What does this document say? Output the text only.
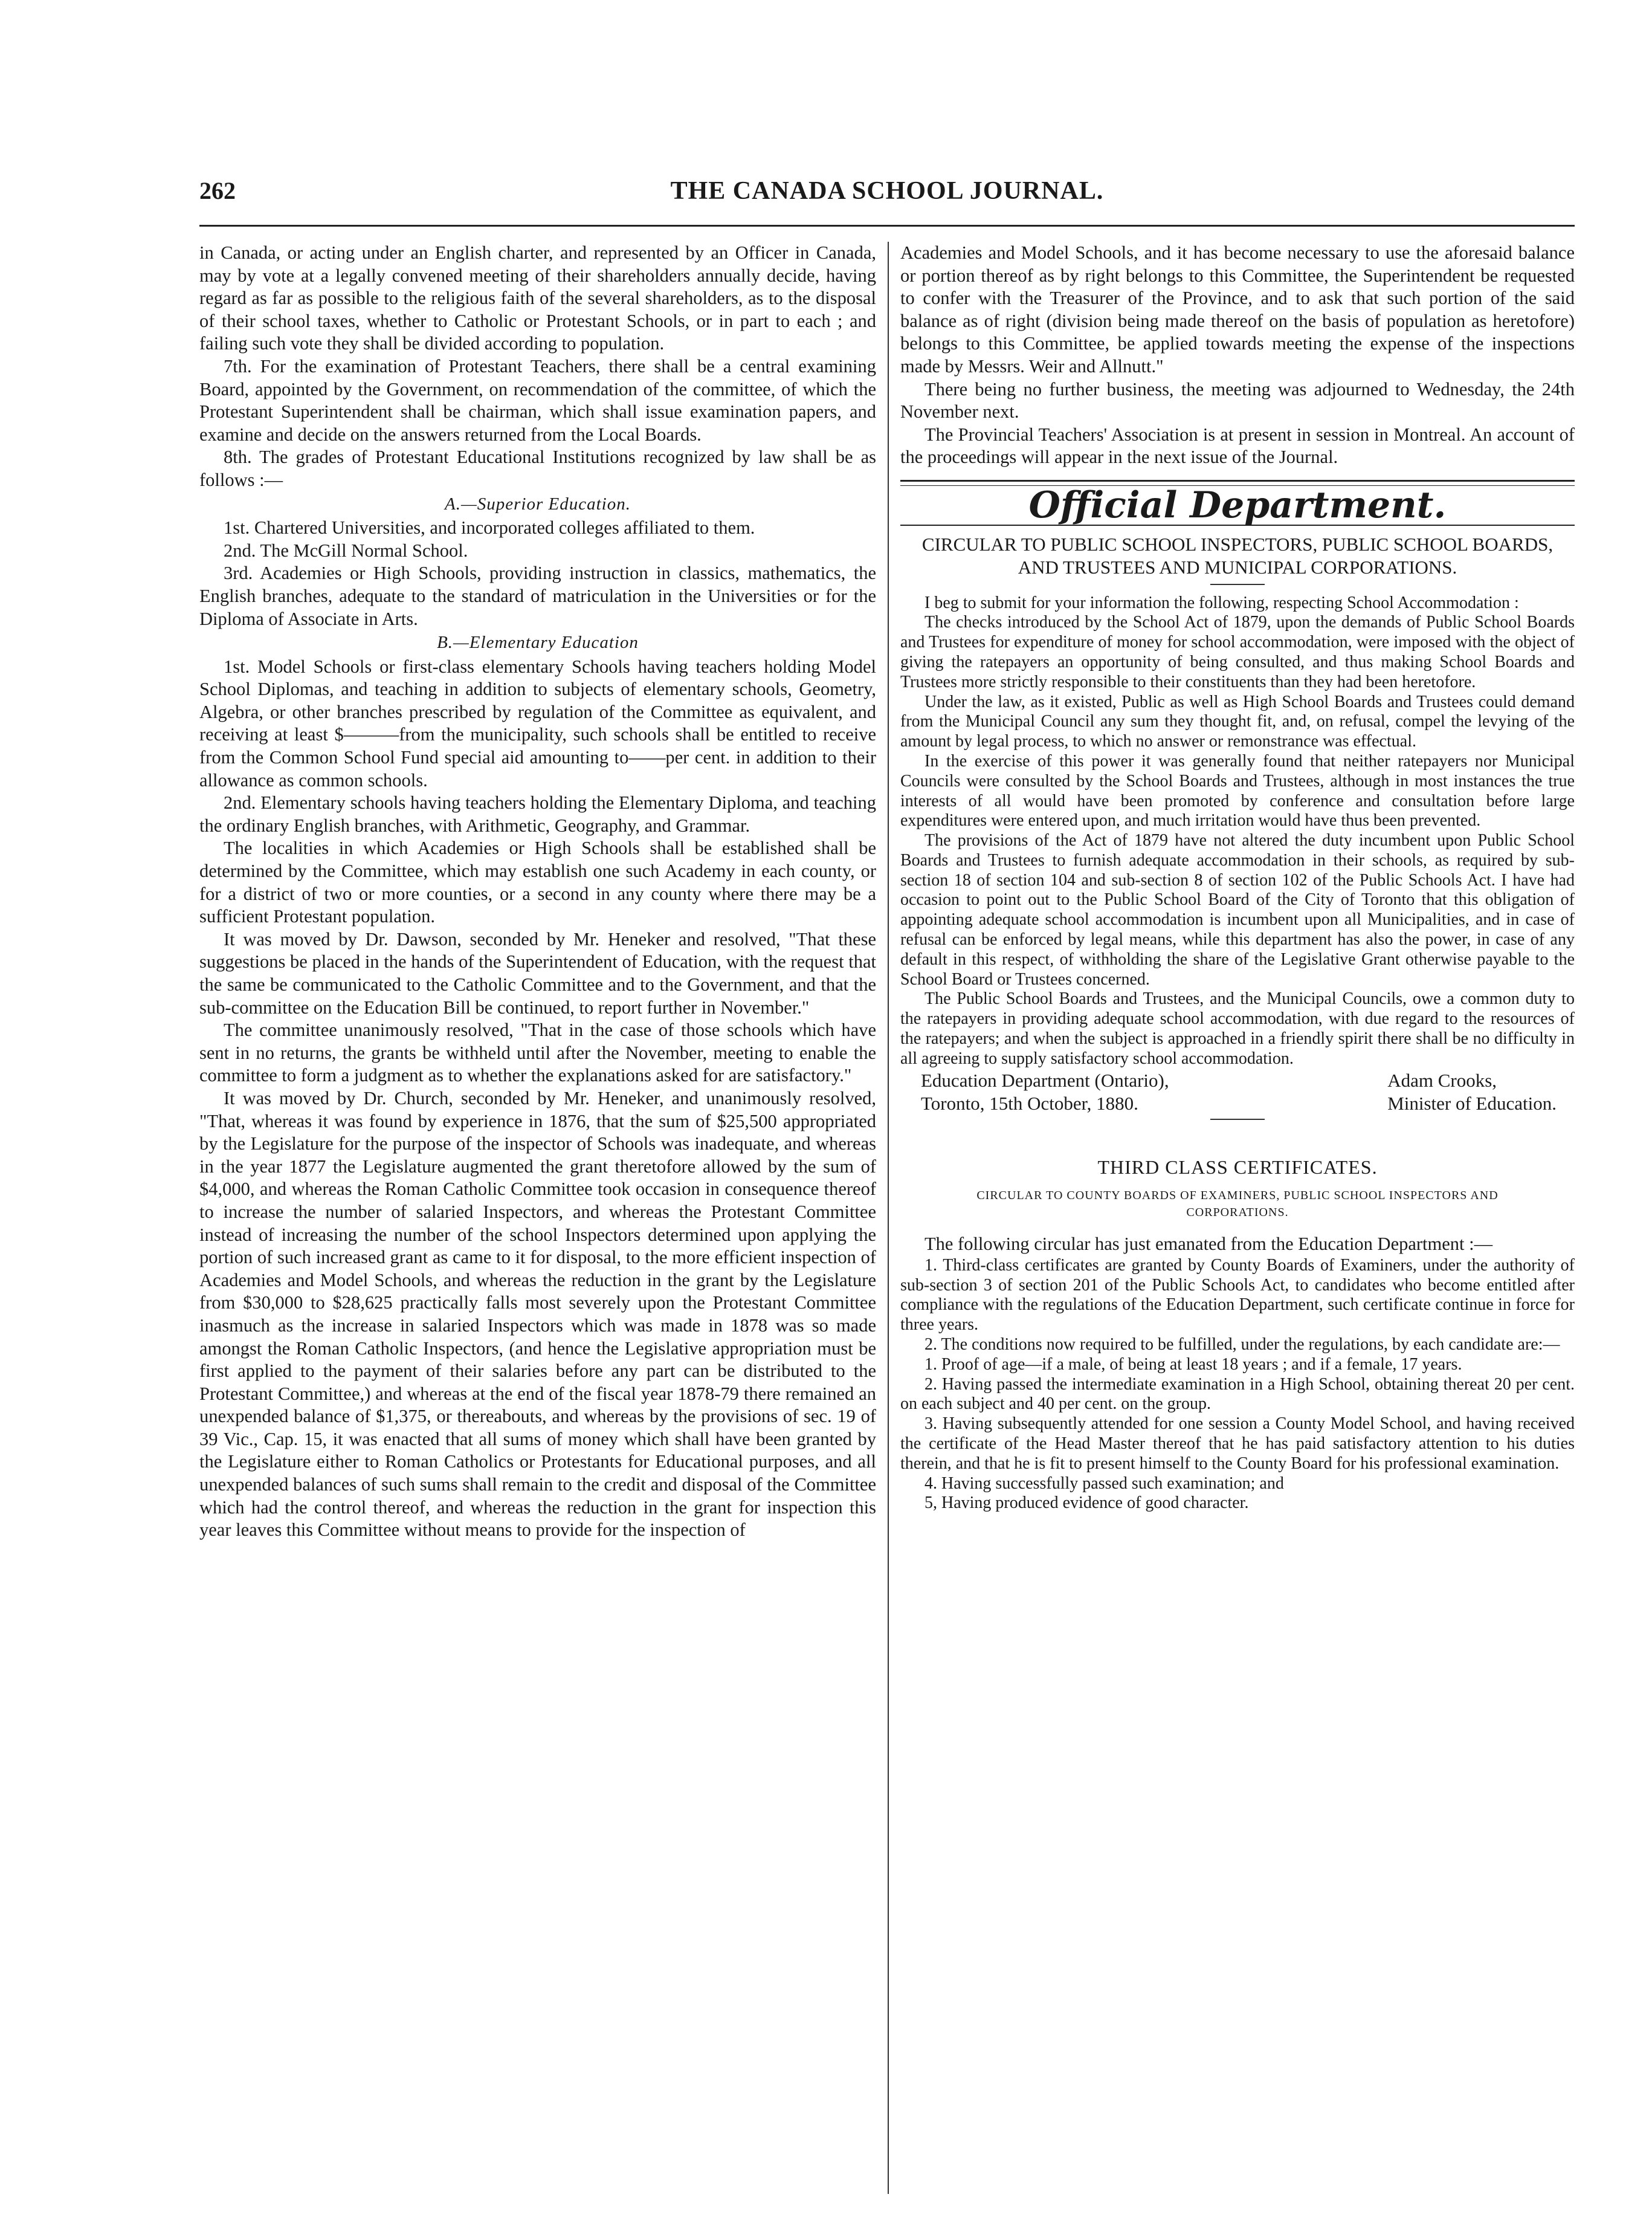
262	THE CANADA SCHOOL JOURNAL.

in Canada, or acting under an English charter, and represented by an Officer in Canada, may by vote at a legally convened meeting of their shareholders annually decide, having regard as far as possible to the religious faith of the several shareholders, as to the disposal of their school taxes, whether to Catholic or Protestant Schools, or in part to each ; and failing such vote they shall be divided according to population.

7th. For the examination of Protestant Teachers, there shall be a central examining Board, appointed by the Government, on recommendation of the committee, of which the Protestant Superintendent shall be chairman, which shall issue examination papers, and examine and decide on the answers returned from the Local Boards.

8th. The grades of Protestant Educational Institutions recognized by law shall be as follows :—

A.—Superior Education.

1st. Chartered Universities, and incorporated colleges affiliated to them.

2nd. The McGill Normal School.

3rd. Academies or High Schools, providing instruction in classics, mathematics, the English branches, adequate to the standard of matriculation in the Universities or for the Diploma of Associate in Arts.

B.—Elementary Education

1st. Model Schools or first-class elementary Schools having teachers holding Model School Diplomas, and teaching in addition to subjects of elementary schools, Geometry, Algebra, or other branches prescribed by regulation of the Committee as equivalent, and receiving at least $———from the municipality, such schools shall be entitled to receive from the Common School Fund special aid amounting to——per cent. in addition to their allowance as common schools.

2nd. Elementary schools having teachers holding the Elementary Diploma, and teaching the ordinary English branches, with Arithmetic, Geography, and Grammar.

The localities in which Academies or High Schools shall be established shall be determined by the Committee, which may establish one such Academy in each county, or for a district of two or more counties, or a second in any county where there may be a sufficient Protestant population.

It was moved by Dr. Dawson, seconded by Mr. Heneker and resolved, "That these suggestions be placed in the hands of the Superintendent of Education, with the request that the same be communicated to the Catholic Committee and to the Government, and that the sub-committee on the Education Bill be continued, to report further in November."

The committee unanimously resolved, "That in the case of those schools which have sent in no returns, the grants be withheld until after the November, meeting to enable the committee to form a judgment as to whether the explanations asked for are satisfactory."

It was moved by Dr. Church, seconded by Mr. Heneker, and unanimously resolved, "That, whereas it was found by experience in 1876, that the sum of $25,500 appropriated by the Legislature for the purpose of the inspector of Schools was inadequate, and whereas in the year 1877 the Legislature augmented the grant theretofore allowed by the sum of $4,000, and whereas the Roman Catholic Committee took occasion in consequence thereof to increase the number of salaried Inspectors, and whereas the Protestant Committee instead of increasing the number of the school Inspectors determined upon applying the portion of such increased grant as came to it for disposal, to the more efficient inspection of Academies and Model Schools, and whereas the reduction in the grant by the Legislature from $30,000 to $28,625 practically falls most severely upon the Protestant Committee inasmuch as the increase in salaried Inspectors which was made in 1878 was so made amongst the Roman Catholic Inspectors, (and hence the Legislative appropriation must be first applied to the payment of their salaries before any part can be distributed to the Protestant Committee,) and whereas at the end of the fiscal year 1878-79 there remained an unexpended balance of $1,375, or thereabouts, and whereas by the provisions of sec. 19 of 39 Vic., Cap. 15, it was enacted that all sums of money which shall have been granted by the Legislature either to Roman Catholics or Protestants for Educational purposes, and all unexpended balances of such sums shall remain to the credit and disposal of the Committee which had the control thereof, and whereas the reduction in the grant for inspection this year leaves this Committee without means to provide for the inspection of

Academies and Model Schools, and it has become necessary to use the aforesaid balance or portion thereof as by right belongs to this Committee, the Superintendent be requested to confer with the Treasurer of the Province, and to ask that such portion of the said balance as of right (division being made thereof on the basis of population as heretofore) belongs to this Committee, be applied towards meeting the expense of the inspections made by Messrs. Weir and Allnutt."

There being no further business, the meeting was adjourned to Wednesday, the 24th November next.

The Provincial Teachers' Association is at present in session in Montreal. An account of the proceedings will appear in the next issue of the Journal.

Official Department.
CIRCULAR TO PUBLIC SCHOOL INSPECTORS, PUBLIC SCHOOL BOARDS, AND TRUSTEES AND MUNICIPAL CORPORATIONS.

I beg to submit for your information the following, respecting School Accommodation :

The checks introduced by the School Act of 1879, upon the demands of Public School Boards and Trustees for expenditure of money for school accommodation, were imposed with the object of giving the ratepayers an opportunity of being consulted, and thus making School Boards and Trustees more strictly responsible to their constituents than they had been heretofore.

Under the law, as it existed, Public as well as High School Boards and Trustees could demand from the Municipal Council any sum they thought fit, and, on refusal, compel the levying of the amount by legal process, to which no answer or remonstrance was effectual.

In the exercise of this power it was generally found that neither ratepayers nor Municipal Councils were consulted by the School Boards and Trustees, although in most instances the true interests of all would have been promoted by conference and consultation before large expenditures were entered upon, and much irritation would have thus been prevented.

The provisions of the Act of 1879 have not altered the duty incumbent upon Public School Boards and Trustees to furnish adequate accommodation in their schools, as required by sub-section 18 of section 104 and sub-section 8 of section 102 of the Public Schools Act. I have had occasion to point out to the Public School Board of the City of Toronto that this obligation of appointing adequate school accommodation is incumbent upon all Municipalities, and in case of refusal can be enforced by legal means, while this department has also the power, in case of any default in this respect, of withholding the share of the Legislative Grant otherwise payable to the School Board or Trustees concerned.

The Public School Boards and Trustees, and the Municipal Councils, owe a common duty to the ratepayers in providing adequate school accommodation, with due regard to the resources of the ratepayers; and when the subject is approached in a friendly spirit there shall be no difficulty in all agreeing to supply satisfactory school accommodation.

Education Department (Ontario),
Toronto, 15th October, 1880.
Adam Crooks,
Minister of Education.
THIRD CLASS CERTIFICATES.
CIRCULAR TO COUNTY BOARDS OF EXAMINERS, PUBLIC SCHOOL INSPECTORS AND CORPORATIONS.

The following circular has just emanated from the Education Department :—

1. Third-class certificates are granted by County Boards of Examiners, under the authority of sub-section 3 of section 201 of the Public Schools Act, to candidates who become entitled after compliance with the regulations of the Education Department, such certificate continue in force for three years.

2. The conditions now required to be fulfilled, under the regulations, by each candidate are:—

1. Proof of age—if a male, of being at least 18 years ; and if a female, 17 years.

2. Having passed the intermediate examination in a High School, obtaining thereat 20 per cent. on each subject and 40 per cent. on the group.

3. Having subsequently attended for one session a County Model School, and having received the certificate of the Head Master thereof that he has paid satisfactory attention to his duties therein, and that he is fit to present himself to the County Board for his professional examination.

4. Having successfully passed such examination; and

5, Having produced evidence of good character.
